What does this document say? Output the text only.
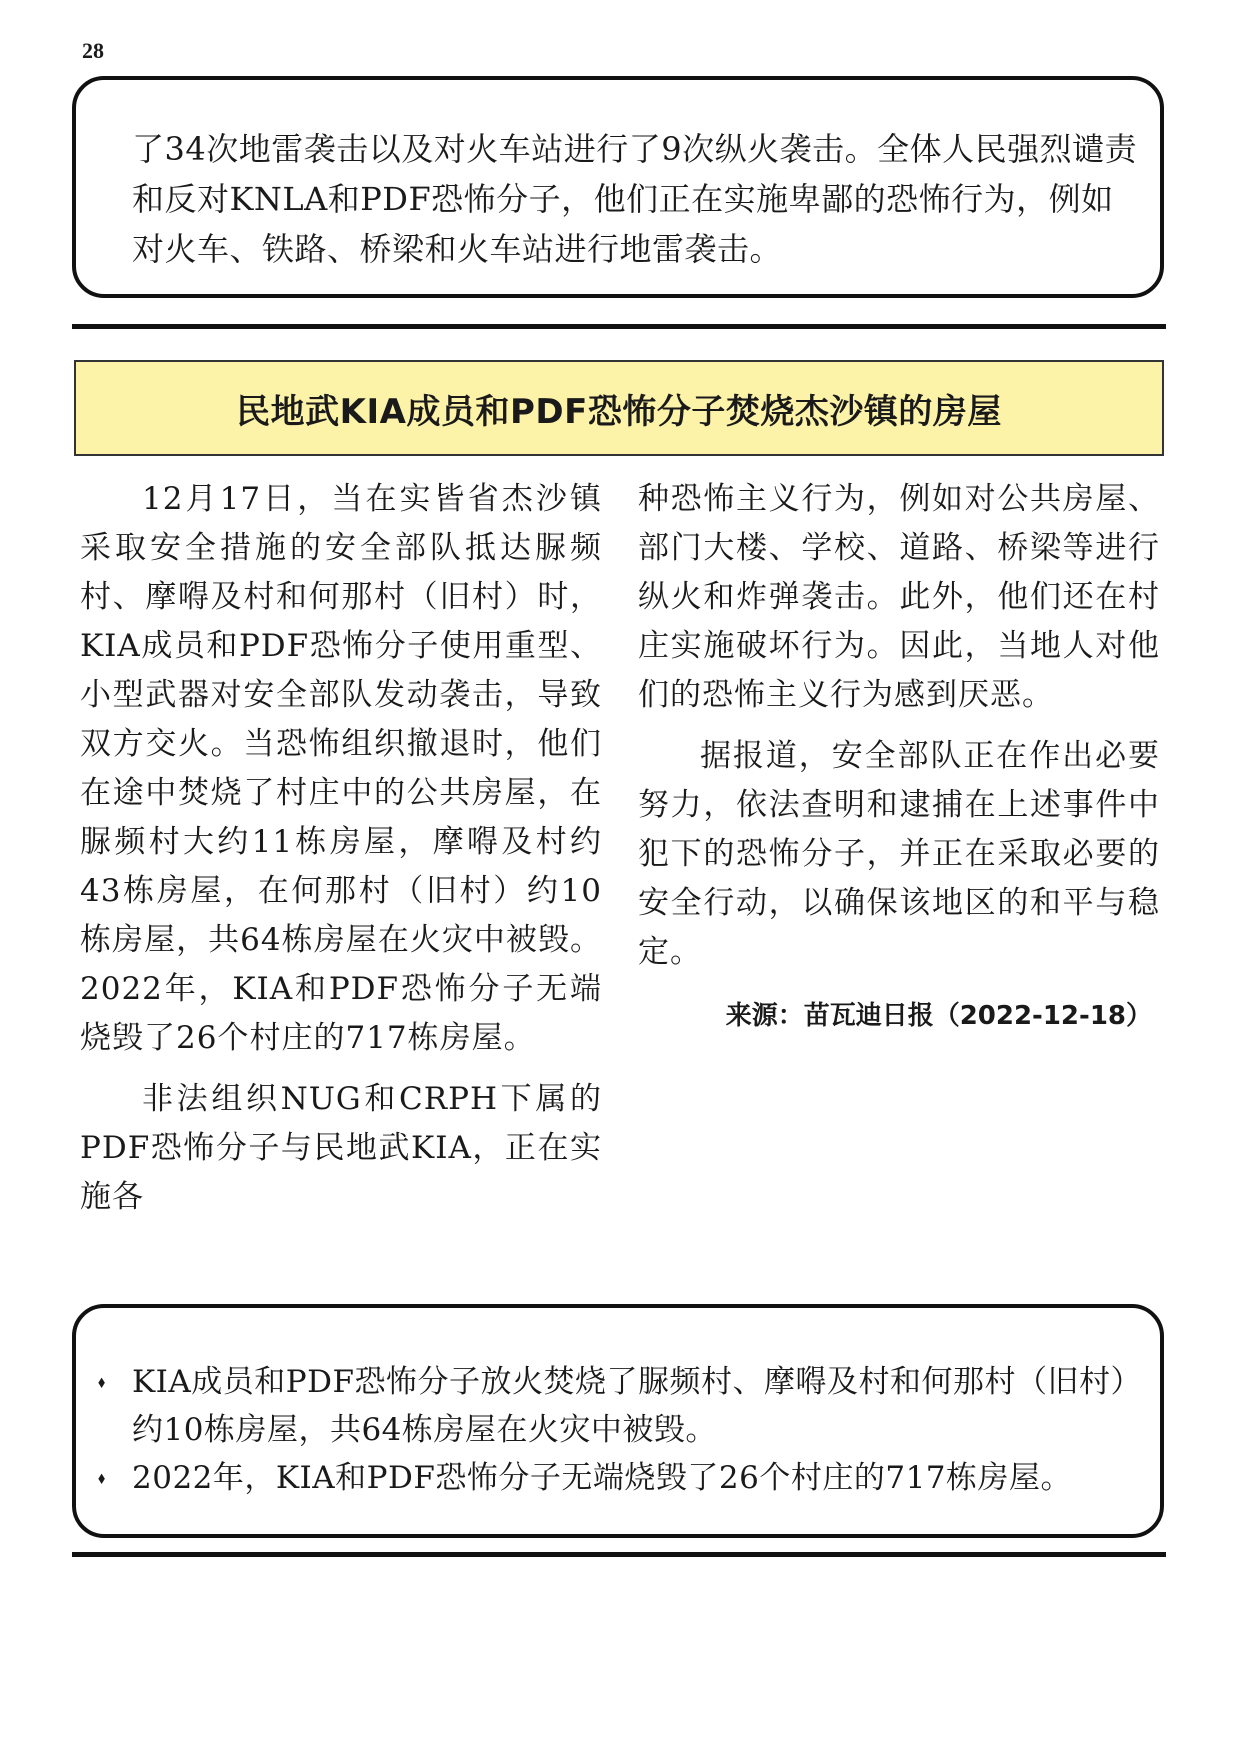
28

了34次地雷袭击以及对火车站进行了9次纵火袭击。全体人民强烈谴责和反对KNLA和PDF恐怖分子，他们正在实施卑鄙的恐怖行为，例如对火车、铁路、桥梁和火车站进行地雷袭击。

民地武KIA成员和PDF恐怖分子焚烧杰沙镇的房屋

12月17日，当在实皆省杰沙镇采取安全措施的安全部队抵达脲频村、摩嘚及村和何那村（旧村）时，KIA成员和PDF恐怖分子使用重型、小型武器对安全部队发动袭击，导致双方交火。当恐怖组织撤退时，他们在途中焚烧了村庄中的公共房屋，在脲频村大约11栋房屋，摩嘚及村约43栋房屋，在何那村（旧村）约10栋房屋，共64栋房屋在火灾中被毁。2022年，KIA和PDF恐怖分子无端烧毁了26个村庄的717栋房屋。

非法组织NUG和CRPH下属的PDF恐怖分子与民地武KIA，正在实施各

种恐怖主义行为，例如对公共房屋、部门大楼、学校、道路、桥梁等进行纵火和炸弹袭击。此外，他们还在村庄实施破坏行为。因此，当地人对他们的恐怖主义行为感到厌恶。

据报道，安全部队正在作出必要努力，依法查明和逮捕在上述事件中犯下的恐怖分子，并正在采取必要的安全行动，以确保该地区的和平与稳定。

来源：苗瓦迪日报（2022-12-18）
⬧ KIA成员和PDF恐怖分子放火焚烧了脲频村、摩嘚及村和何那村（旧村）约10栋房屋，共64栋房屋在火灾中被毁。
⬧ 2022年，KIA和PDF恐怖分子无端烧毁了26个村庄的717栋房屋。
